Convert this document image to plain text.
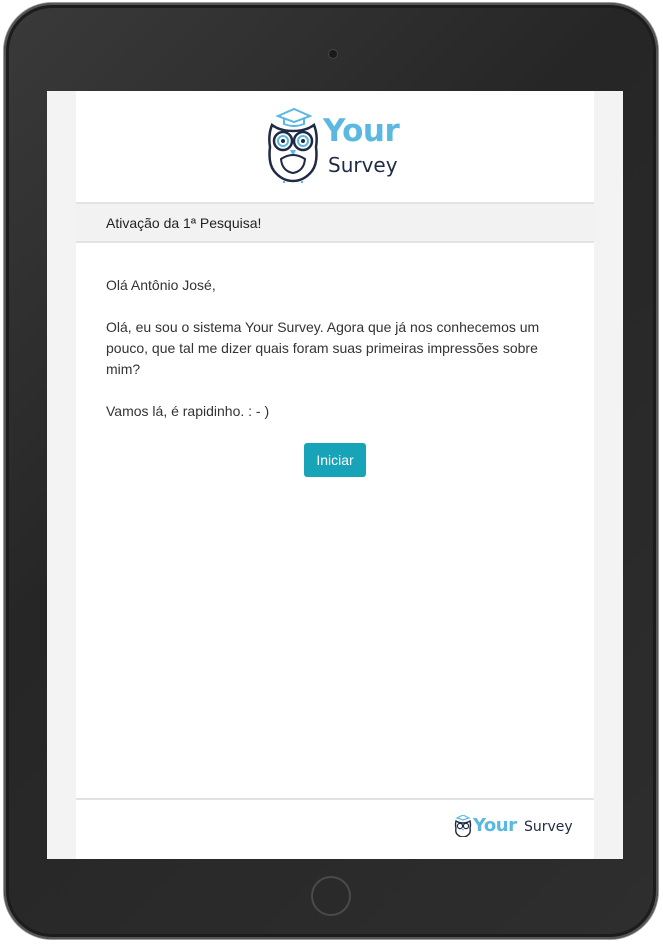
Your
Survey
Ativação da 1ª Pesquisa!

Olá Antônio José,

Olá, eu sou o sistema Your Survey. Agora que já nos conhecemos um pouco, que tal me dizer quais foram suas primeiras impressões sobre mim?

Vamos lá, é rapidinho. : - )

Iniciar
Your Survey
